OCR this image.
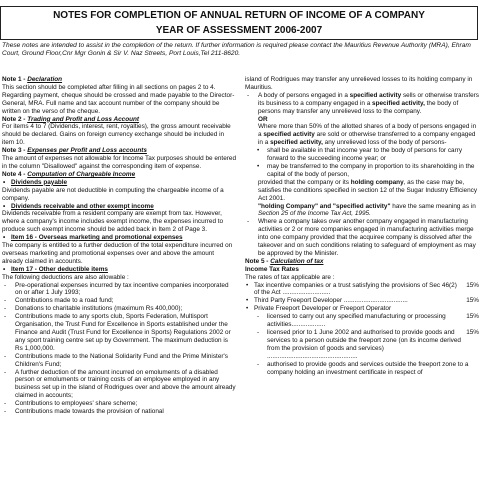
NOTES FOR COMPLETION OF ANNUAL RETURN OF INCOME OF A COMPANY
YEAR OF ASSESSMENT 2006-2007
These notes are intended to assist in the completion of the return. If further information is required please contact the Mauritius Revenue Authority (MRA), Ehram Court, Ground Floor,Cnr Mgr Gonin & Sir V. Naz Streets, Port Louis,Tel 211-8620.

Note 1 - Declaration

This section should be completed after filling in all sections on pages 2 to 4. Regarding payment, cheque should be crossed and made payable to the Director-General, MRA. Full name and tax account number of the company should be written on the verso of the cheque.

Note 2 - Trading and Profit and Loss Account

For items 4 to 7 (Dividends, interest, rent, royalties), the gross amount receivable should be declared. Gains on foreign currency exchange should be included in item 10.

Note 3 - Expenses per Profit and Loss accounts

The amount of expenses not allowable for Income Tax purposes should be entered in the column "Disallowed" against the corresponding item of expense.

Note 4 - Computation of Chargeable Income

• Dividends payable

Dividends payable are not deductible in computing the chargeable income of a company.

• Dividends receivable and other exempt income

Dividends receivable from a resident company are exempt from tax. However, where a company's income includes exempt income, the expenses incurred to produce such exempt income should be added back in Item 2 of Page 3.

• Item 16 - Overseas marketing and promotional expenses

The company is entitled to a further deduction of the total expenditure incurred on overseas marketing and promotional expenses over and above the amount already claimed in accounts.

• Item 17 - Other deductible items

The following deductions are also allowable :

- Pre-operational expenses incurred by tax incentive companies incorporated on or after 1 July 1993;

- Contributions made to a road fund;

- Donations to charitable institutions (maximum Rs 400,000);

- Contributions made to any sports club, Sports Federation, Multisport Organisation, the Trust Fund for Excellence in Sports established under the Finance and Audit (Trust Fund for Excellence in Sports) Regulations 2002 or any sport training centre set up by Government. The maximum deduction is Rs 1,000,000.

- Contributions made to the National Solidarity Fund and the Prime Minister's Children's Fund;

- A further deduction of the amount incurred on emoluments of a disabled person or emoluments or training costs of an employee employed in any business set up in the island of Rodrigues over and above the amount already claimed in accounts;

- Contributions to employees' share scheme;

- Contributions made towards the provision of national

island of Rodrigues may transfer any unrelieved losses to its holding company in Mauritius.

- A body of persons engaged in a specified activity sells or otherwise transfers its business to a company engaged in a specified activity, the body of persons may transfer any unrelieved loss to the company.

OR

Where more than 50% of the allotted shares of a body of persons engaged in a specified activity are sold or otherwise transferred to a company engaged in a specified activity, any unrelieved loss of the body of persons-

• shall be available in that income year to the body of persons for carry forward to the succeeding income year; or

• may be transferred to the company in proportion to its shareholding in the capital of the body of person,

provided that the company or its holding company, as the case may be, satisfies the conditions specified in section 12 of the Sugar Industry Efficiency Act 2001.

"holding Company" and "specified activity" have the same meaning as in Section 25 of the Income Tax Act, 1995.

- Where a company takes over another company engaged in manufacturing activities or 2 or more companies engaged in manufacturing activities merge into one company provided that the acquiree company is dissolved after the takeover and on such conditions relating to safeguard of employment as may be approved by the Minister.

Note 5 - Calculation of tax

Income Tax Rates

The rates of tax applicable are :

• Tax incentive companies or a trust satisfying the provisions of Sec 46(2) of the Act ...........................
15%
• Third Party Freeport Developer ....................................	15%

• Private Freeport Developer or Freeport Operator

- licensed to carry out any specified manufacturing or processing activities...................
15%
- licensed prior to 1 June 2002 and authorised to provide goods and services to a person outside the freeport zone (on its income derived from the provision of goods and services) ...................................................
15%

- authorised to provide goods and services outside the freeport zone to a company holding an investment certificate in respect of
